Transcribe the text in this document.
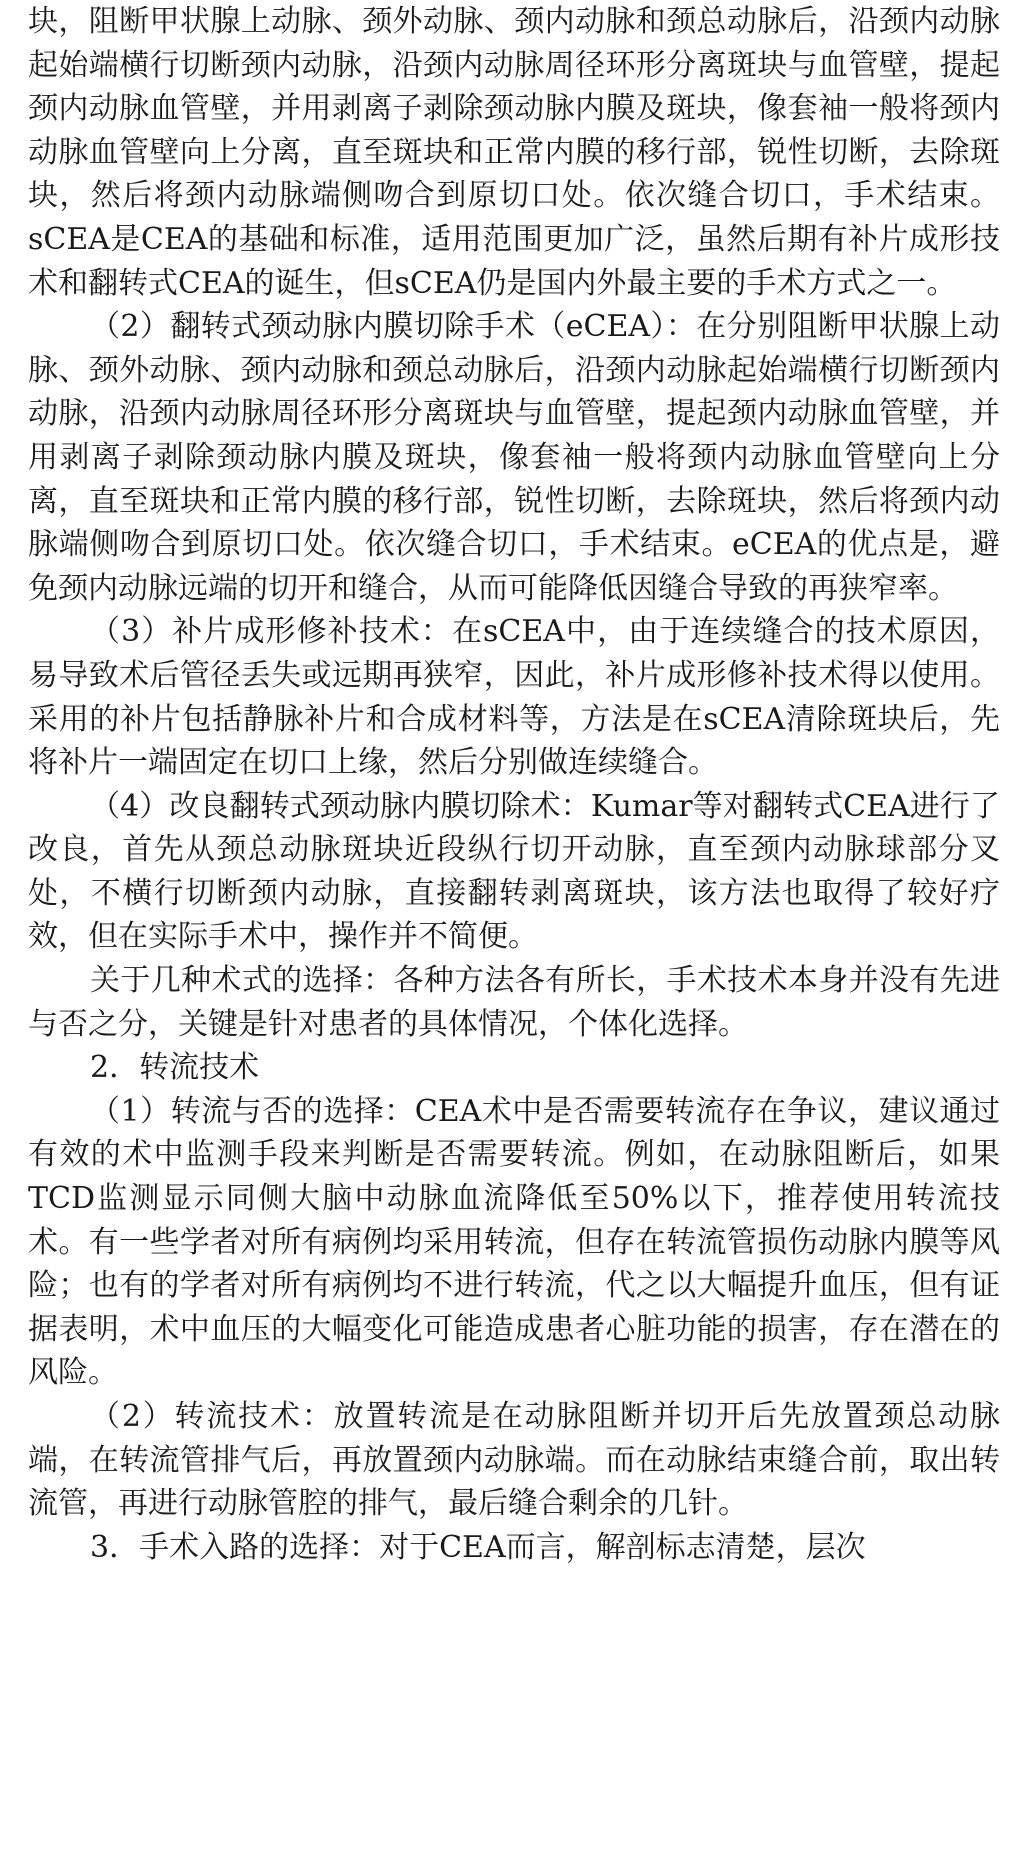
块，阻断甲状腺上动脉、颈外动脉、颈内动脉和颈总动脉后，沿颈内动脉起始端横行切断颈内动脉，沿颈内动脉周径环形分离斑块与血管壁，提起颈内动脉血管壁，并用剥离子剥除颈动脉内膜及斑块，像套袖一般将颈内动脉血管壁向上分离，直至斑块和正常内膜的移行部，锐性切断，去除斑块，然后将颈内动脉端侧吻合到原切口处。依次缝合切口，手术结束。sCEA是CEA的基础和标准，适用范围更加广泛，虽然后期有补片成形技术和翻转式CEA的诞生，但sCEA仍是国内外最主要的手术方式之一。

（2）翻转式颈动脉内膜切除手术（eCEA）：在分别阻断甲状腺上动脉、颈外动脉、颈内动脉和颈总动脉后，沿颈内动脉起始端横行切断颈内动脉，沿颈内动脉周径环形分离斑块与血管壁，提起颈内动脉血管壁，并用剥离子剥除颈动脉内膜及斑块，像套袖一般将颈内动脉血管壁向上分离，直至斑块和正常内膜的移行部，锐性切断，去除斑块，然后将颈内动脉端侧吻合到原切口处。依次缝合切口，手术结束。eCEA的优点是，避免颈内动脉远端的切开和缝合，从而可能降低因缝合导致的再狭窄率。

（3）补片成形修补技术：在sCEA中，由于连续缝合的技术原因，易导致术后管径丢失或远期再狭窄，因此，补片成形修补技术得以使用。采用的补片包括静脉补片和合成材料等，方法是在sCEA清除斑块后，先将补片一端固定在切口上缘，然后分别做连续缝合。

（4）改良翻转式颈动脉内膜切除术：Kumar等对翻转式CEA进行了改良，首先从颈总动脉斑块近段纵行切开动脉，直至颈内动脉球部分叉处，不横行切断颈内动脉，直接翻转剥离斑块，该方法也取得了较好疗效，但在实际手术中，操作并不简便。

关于几种术式的选择：各种方法各有所长，手术技术本身并没有先进与否之分，关键是针对患者的具体情况，个体化选择。

2．转流技术

（1）转流与否的选择：CEA术中是否需要转流存在争议，建议通过有效的术中监测手段来判断是否需要转流。例如，在动脉阻断后，如果TCD监测显示同侧大脑中动脉血流降低至50%以下，推荐使用转流技术。有一些学者对所有病例均采用转流，但存在转流管损伤动脉内膜等风险；也有的学者对所有病例均不进行转流，代之以大幅提升血压，但有证据表明，术中血压的大幅变化可能造成患者心脏功能的损害，存在潜在的风险。

（2）转流技术：放置转流是在动脉阻断并切开后先放置颈总动脉端，在转流管排气后，再放置颈内动脉端。而在动脉结束缝合前，取出转流管，再进行动脉管腔的排气，最后缝合剩余的几针。

3．手术入路的选择：对于CEA而言，解剖标志清楚，层次
